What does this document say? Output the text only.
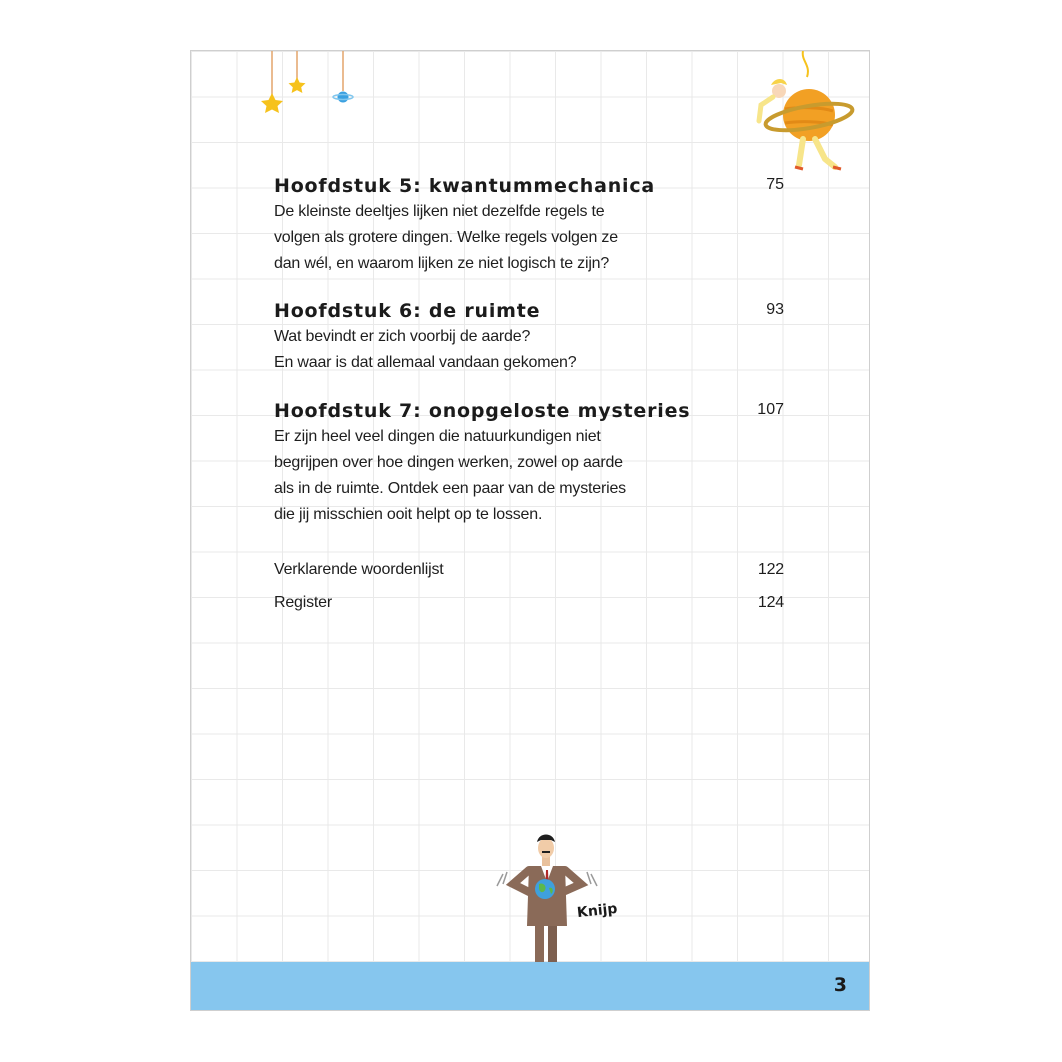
Hoofdstuk 5: kwantummechanica	75
De kleinste deeltjes lijken niet dezelfde regels te
volgen als grotere dingen. Welke regels volgen ze
dan wél, en waarom lijken ze niet logisch te zijn?
Hoofdstuk 6: de ruimte	93
Wat bevindt er zich voorbij de aarde?
En waar is dat allemaal vandaan gekomen?
Hoofdstuk 7: onopgeloste mysteries	107
Er zijn heel veel dingen die natuurkundigen niet
begrijpen over hoe dingen werken, zowel op aarde
als in de ruimte. Ontdek een paar van de mysteries
die jij misschien ooit helpt op te lossen.
Verklarende woordenlijst	122
Register	124
Knijp
3
